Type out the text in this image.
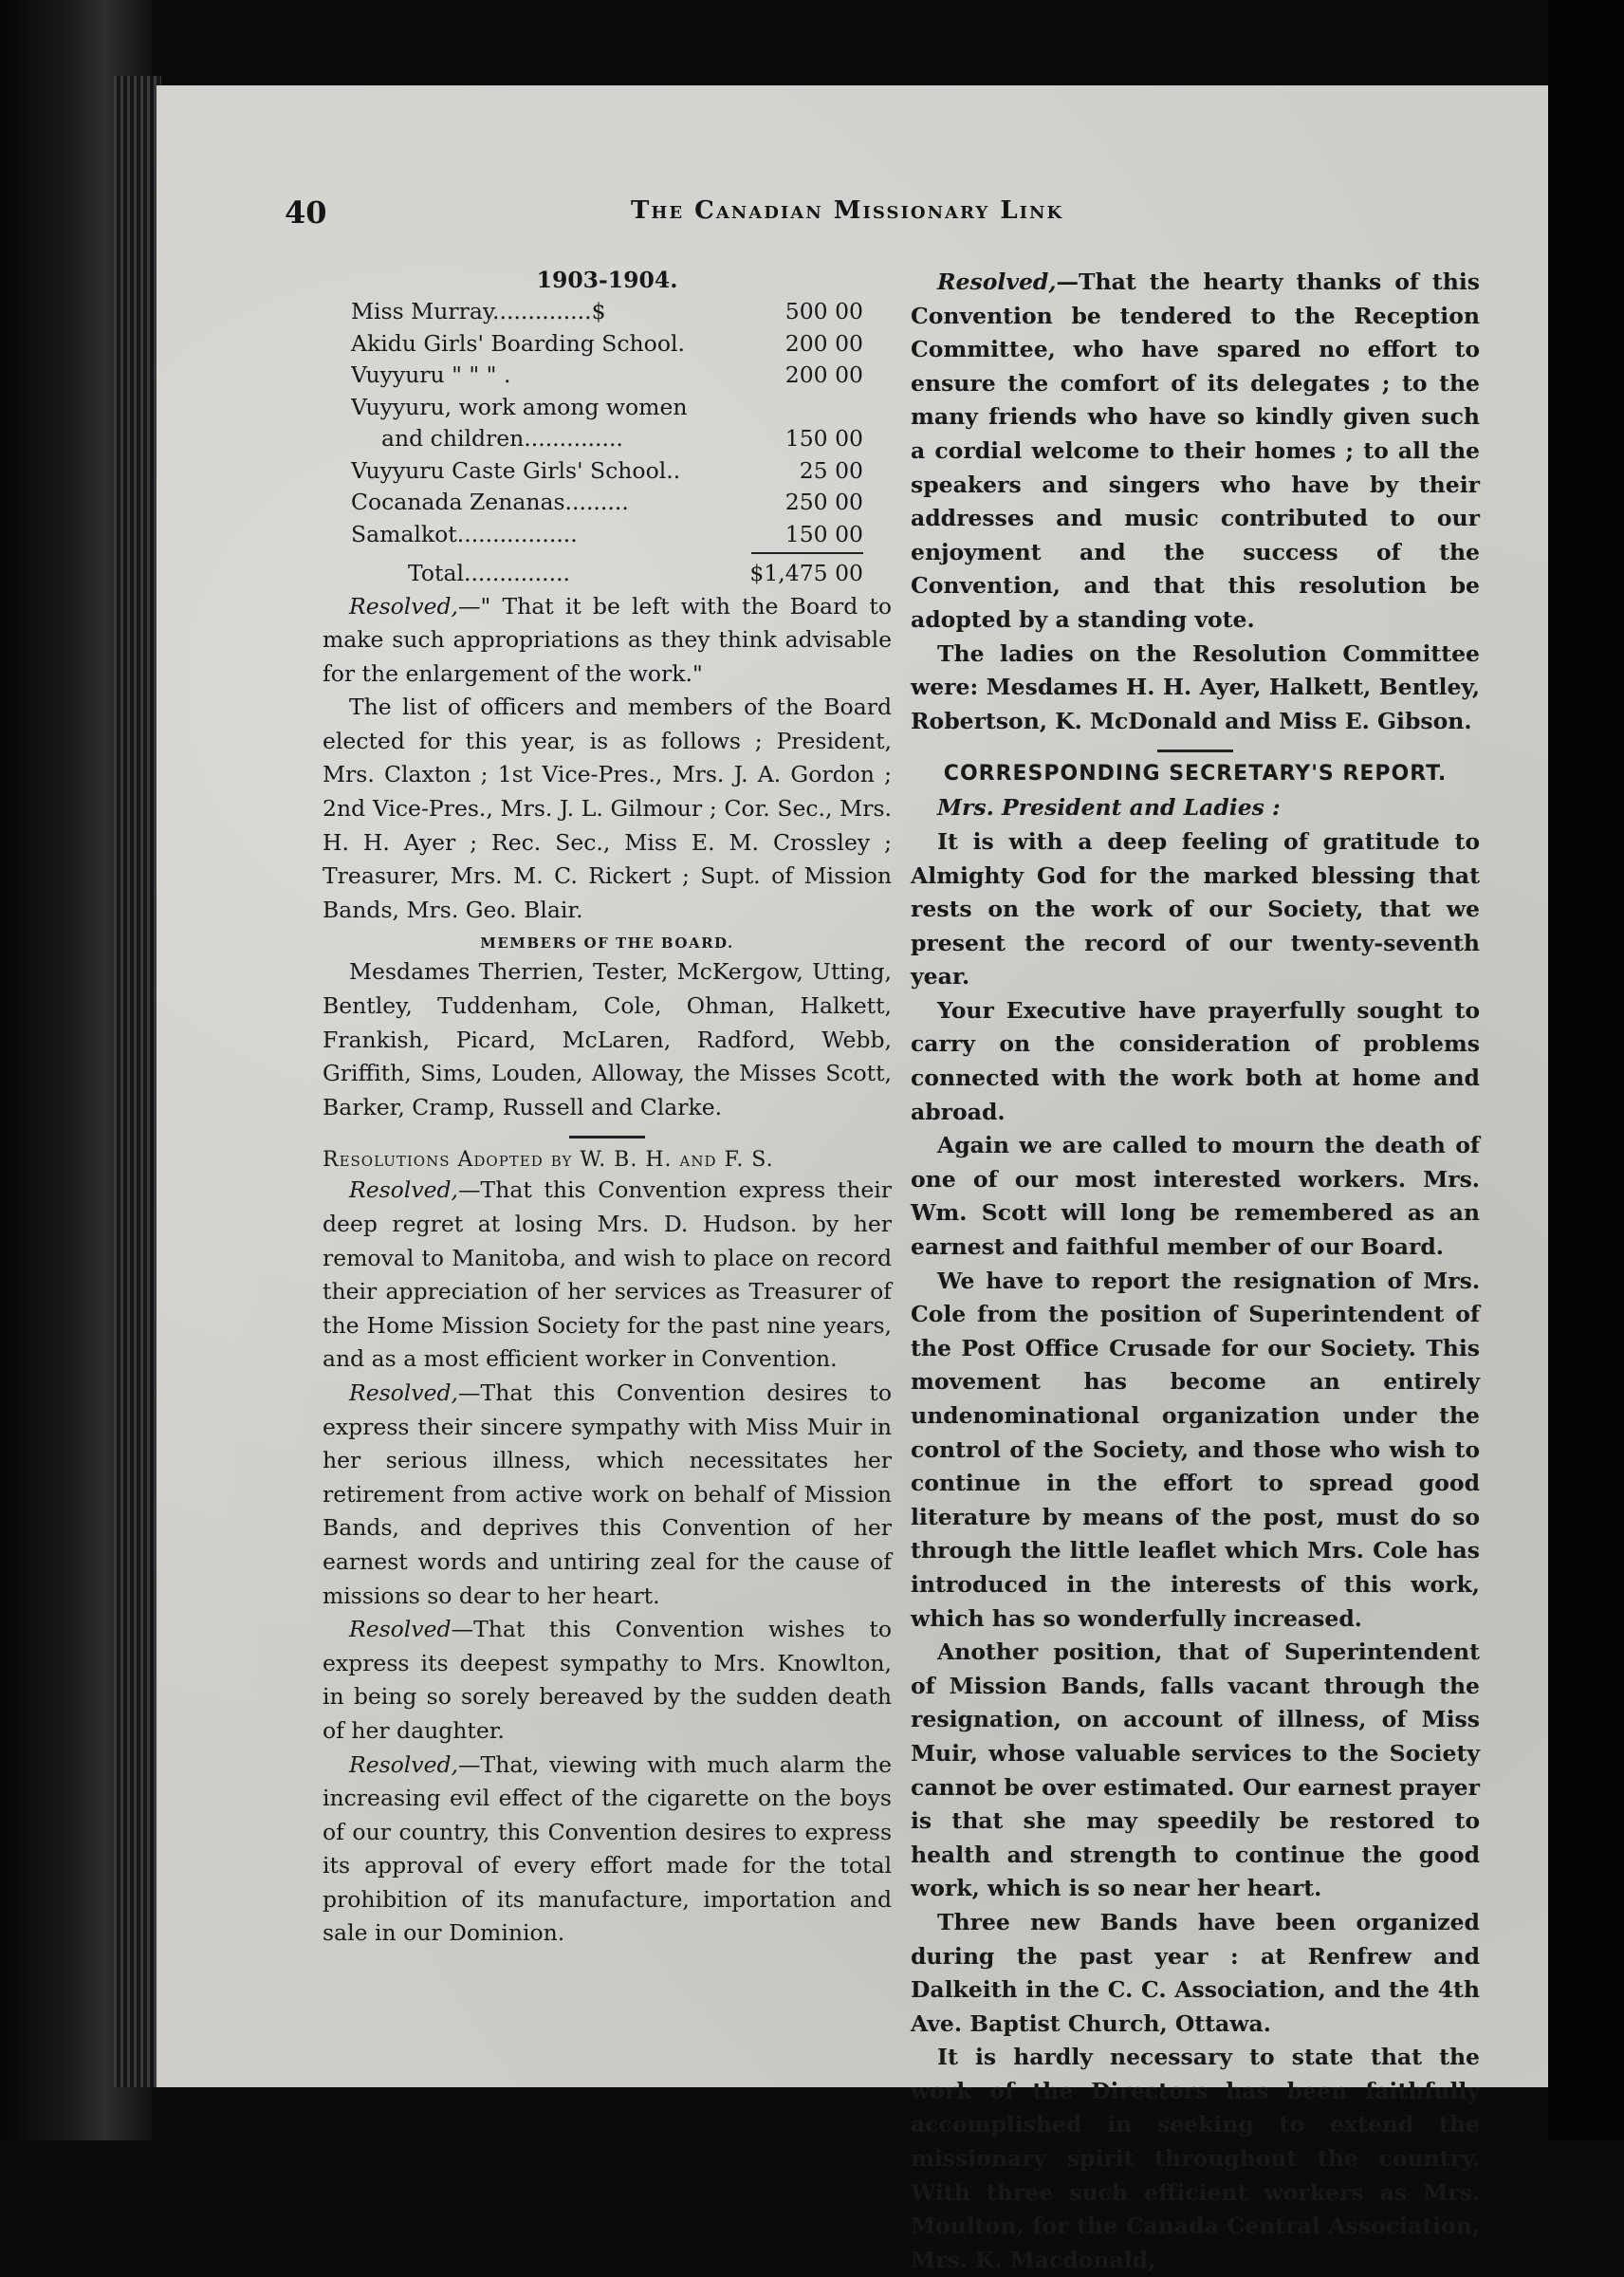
40	The Canadian Missionary Link
1903-1904.
Miss Murray..............$	500 00
Akidu Girls' Boarding School.	200 00
Vuyyuru " " " .	200 00
Vuyyuru, work among women
and children..............	150 00
Vuyyuru Caste Girls' School..	25 00
Cocanada Zenanas.........	250 00
Samalkot.................	150 00
Total...............	$1,475 00

Resolved,—" That it be left with the Board to make such appropriations as they think advisable for the enlargement of the work."

The list of officers and members of the Board elected for this year, is as follows ; President, Mrs. Claxton ; 1st Vice-Pres., Mrs. J. A. Gordon ; 2nd Vice-Pres., Mrs. J. L. Gilmour ; Cor. Sec., Mrs. H. H. Ayer ; Rec. Sec., Miss E. M. Crossley ; Treasurer, Mrs. M. C. Rickert ; Supt. of Mission Bands, Mrs. Geo. Blair.

MEMBERS OF THE BOARD.

Mesdames Therrien, Tester, McKergow, Utting, Bentley, Tuddenham, Cole, Ohman, Halkett, Frankish, Picard, McLaren, Radford, Webb, Griffith, Sims, Louden, Alloway, the Misses Scott, Barker, Cramp, Russell and Clarke.

Resolutions Adopted by W. B. H. and F. S.

Resolved,—That this Convention express their deep regret at losing Mrs. D. Hudson. by her removal to Manitoba, and wish to place on record their appreciation of her services as Treasurer of the Home Mission Society for the past nine years, and as a most efficient worker in Convention.

Resolved,—That this Convention desires to express their sincere sympathy with Miss Muir in her serious illness, which necessitates her retirement from active work on behalf of Mission Bands, and deprives this Convention of her earnest words and untiring zeal for the cause of missions so dear to her heart.

Resolved—That this Convention wishes to express its deepest sympathy to Mrs. Knowlton, in being so sorely bereaved by the sudden death of her daughter.

Resolved,—That, viewing with much alarm the increasing evil effect of the cigarette on the boys of our country, this Convention desires to express its approval of every effort made for the total prohibition of its manufacture, importation and sale in our Dominion.

Resolved,—That the hearty thanks of this Convention be tendered to the Reception Committee, who have spared no effort to ensure the comfort of its delegates ; to the many friends who have so kindly given such a cordial welcome to their homes ; to all the speakers and singers who have by their addresses and music contributed to our enjoyment and the success of the Convention, and that this resolution be adopted by a standing vote.

The ladies on the Resolution Committee were: Mesdames H. H. Ayer, Halkett, Bentley, Robertson, K. McDonald and Miss E. Gibson.

CORRESPONDING SECRETARY'S REPORT.
Mrs. President and Ladies :

It is with a deep feeling of gratitude to Almighty God for the marked blessing that rests on the work of our Society, that we present the record of our twenty-seventh year.

Your Executive have prayerfully sought to carry on the consideration of problems connected with the work both at home and abroad.

Again we are called to mourn the death of one of our most interested workers. Mrs. Wm. Scott will long be remembered as an earnest and faithful member of our Board.

We have to report the resignation of Mrs. Cole from the position of Superintendent of the Post Office Crusade for our Society. This movement has become an entirely undenominational organization under the control of the Society, and those who wish to continue in the effort to spread good literature by means of the post, must do so through the little leaflet which Mrs. Cole has introduced in the interests of this work, which has so wonderfully increased.

Another position, that of Superintendent of Mission Bands, falls vacant through the resignation, on account of illness, of Miss Muir, whose valuable services to the Society cannot be over estimated. Our earnest prayer is that she may speedily be restored to health and strength to continue the good work, which is so near her heart.

Three new Bands have been organized during the past year : at Renfrew and Dalkeith in the C. C. Association, and the 4th Ave. Baptist Church, Ottawa.

It is hardly necessary to state that the work of the Directors has been faithfully accomplished in seeking to extend the missionary spirit throughout the country. With three such efficient workers as Mrs. Moulton, for the Canada Central Association, Mrs. K. Macdonald,
